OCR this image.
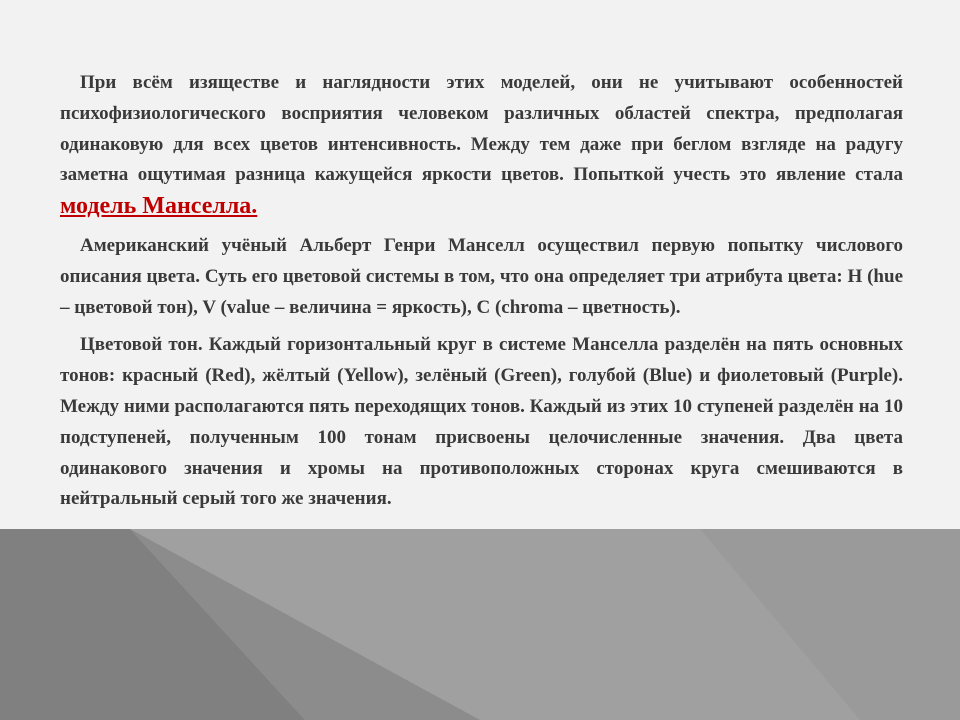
При всём изяществе и наглядности этих моделей, они не учитывают особенностей психофизиологического восприятия человеком различных областей спектра, предполагая одинаковую для всех цветов интенсивность. Между тем даже при беглом взгляде на радугу заметна ощутимая разница кажущейся яркости цветов. Попыткой учесть это явление стала модель Манселла.

Американский учёный Альберт Генри Манселл осуществил первую попытку числового описания цвета. Суть его цветовой системы в том, что она определяет три атрибута цвета: H (hue – цветовой тон), V (value – величина = яркость), C (chroma – цветность).

Цветовой тон. Каждый горизонтальный круг в системе Манселла разделён на пять основных тонов: красный (Red), жёлтый (Yellow), зелёный (Green), голубой (Blue) и фиолетовый (Purple). Между ними располагаются пять переходящих тонов. Каждый из этих 10 ступеней разделён на 10 подступеней, полученным 100 тонам присвоены целочисленные значения. Два цвета одинакового значения и хромы на противоположных сторонах круга смешиваются в нейтральный серый того же значения.
